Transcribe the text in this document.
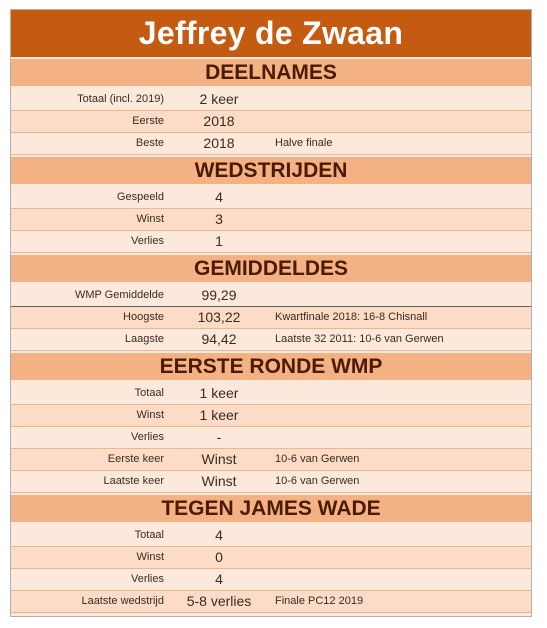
Jeffrey de Zwaan
DEELNAMES
Totaal (incl. 2019)	2 keer
Eerste	2018
Beste	2018	Halve finale
WEDSTRIJDEN
Gespeeld	4
Winst	3
Verlies	1
GEMIDDELDES
WMP Gemiddelde	99,29
Hoogste	103,22	Kwartfinale 2018: 16-8 Chisnall
Laagste	94,42	Laatste 32 2011: 10-6 van Gerwen
EERSTE RONDE WMP
Totaal	1 keer
Winst	1 keer
Verlies	-
Eerste keer	Winst	10-6 van Gerwen
Laatste keer	Winst	10-6 van Gerwen
TEGEN JAMES WADE
Totaal	4
Winst	0
Verlies	4
Laatste wedstrijd	5-8 verlies	Finale PC12 2019
